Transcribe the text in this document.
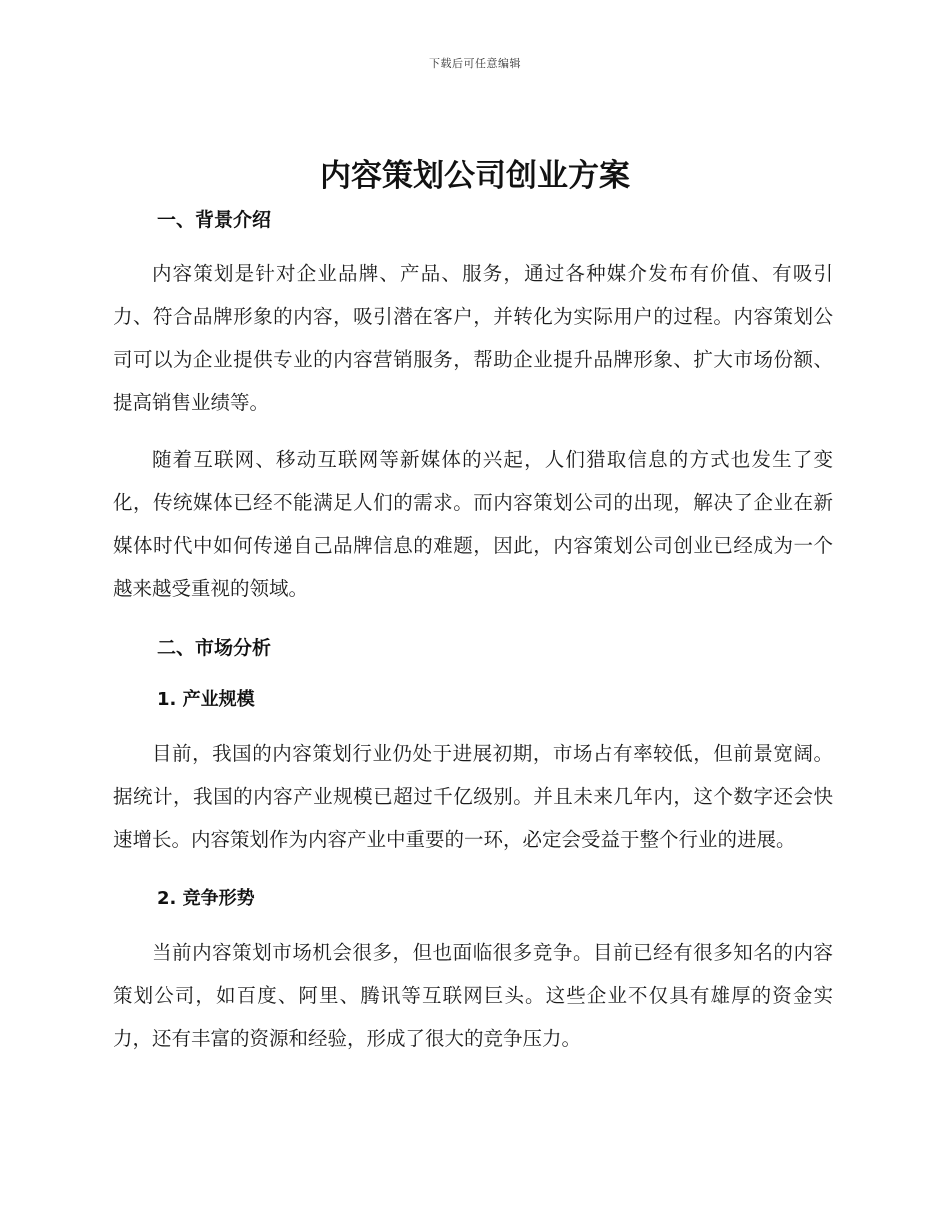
下载后可任意编辑
内容策划公司创业方案
一、背景介绍

内容策划是针对企业品牌、产品、服务，通过各种媒介发布有价值、有吸引力、符合品牌形象的内容，吸引潜在客户，并转化为实际用户的过程。内容策划公司可以为企业提供专业的内容营销服务，帮助企业提升品牌形象、扩大市场份额、提高销售业绩等。

随着互联网、移动互联网等新媒体的兴起，人们猎取信息的方式也发生了变化，传统媒体已经不能满足人们的需求。而内容策划公司的出现，解决了企业在新媒体时代中如何传递自己品牌信息的难题，因此，内容策划公司创业已经成为一个越来越受重视的领域。

二、市场分析
1. 产业规模

目前，我国的内容策划行业仍处于进展初期，市场占有率较低，但前景宽阔。据统计，我国的内容产业规模已超过千亿级别。并且未来几年内，这个数字还会快速增长。内容策划作为内容产业中重要的一环，必定会受益于整个行业的进展。

2. 竞争形势

当前内容策划市场机会很多，但也面临很多竞争。目前已经有很多知名的内容策划公司，如百度、阿里、腾讯等互联网巨头。这些企业不仅具有雄厚的资金实力，还有丰富的资源和经验，形成了很大的竞争压力。
